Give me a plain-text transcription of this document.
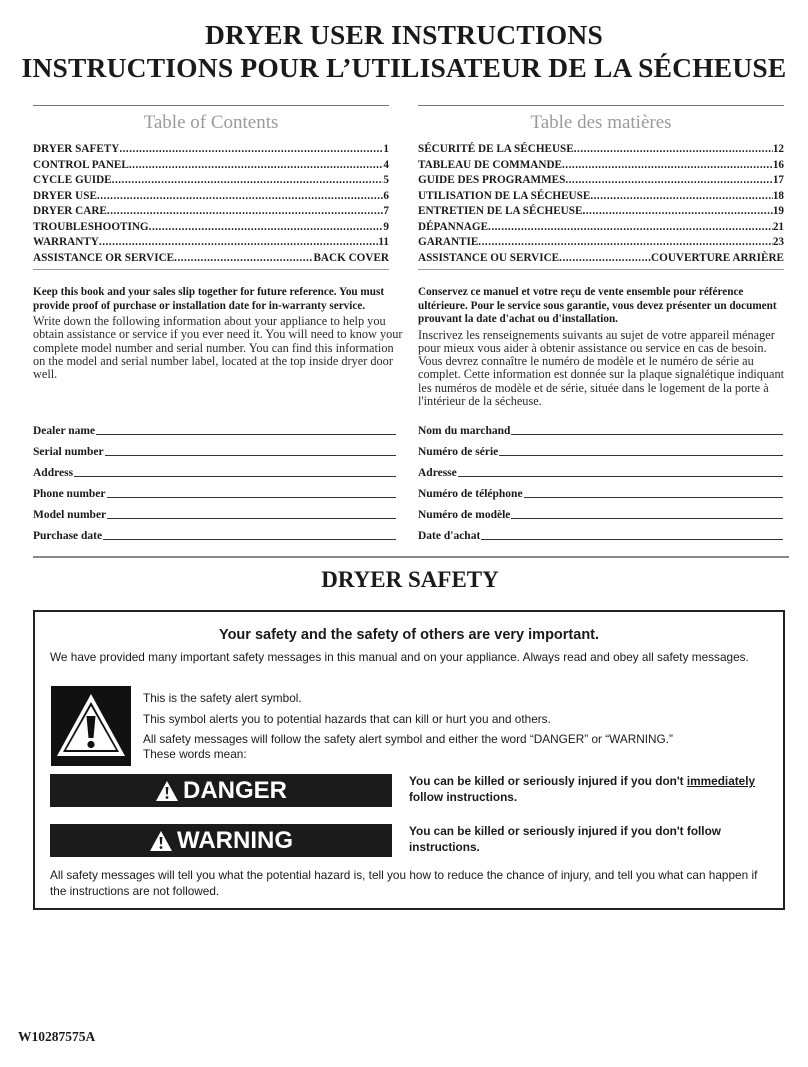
DRYER USER INSTRUCTIONS
INSTRUCTIONS POUR L’UTILISATEUR DE LA SÉCHEUSE
Table of Contents
DRYER SAFETY .....	1
CONTROL PANEL .....	4
CYCLE GUIDE .....	5
DRYER USE .....	6
DRYER CARE .....	7
TROUBLESHOOTING .....	9
WARRANTY .....	11
ASSISTANCE OR SERVICE .....	BACK COVER
Table des matières
SÉCURITÉ DE LA SÉCHEUSE .....	12
TABLEAU DE COMMANDE .....	16
GUIDE DES PROGRAMMES .....	17
UTILISATION DE LA SÉCHEUSE .....	18
ENTRETIEN DE LA SÉCHEUSE .....	19
DÉPANNAGE .....	21
GARANTIE .....	23
ASSISTANCE OU SERVICE .....	COUVERTURE ARRIÈRE

Keep this book and your sales slip together for future reference. You must provide proof of purchase or installation date for in-warranty service.

Write down the following information about your appliance to help you obtain assistance or service if you ever need it. You will need to know your complete model number and serial number. You can find this information on the model and serial number label, located at the top inside dryer door well.

Conservez ce manuel et votre reçu de vente ensemble pour référence ultérieure. Pour le service sous garantie, vous devez présenter un document prouvant la date d'achat ou d'installation.

Inscrivez les renseignements suivants au sujet de votre appareil ménager pour mieux vous aider à obtenir assistance ou service en cas de besoin. Vous devrez connaître le numéro de modèle et le numéro de série au complet. Cette information est donnée sur la plaque signalétique indiquant les numéros de modèle et de série, située dans le logement de la porte à l'intérieur de la sécheuse.

Dealer name
Serial number
Address
Phone number
Model number
Purchase date
Nom du marchand
Numéro de série
Adresse
Numéro de téléphone
Numéro de modèle
Date d'achat
DRYER SAFETY
Your safety and the safety of others are very important.
We have provided many important safety messages in this manual and on your appliance. Always read and obey all safety messages.
This is the safety alert symbol.
This symbol alerts you to potential hazards that can kill or hurt you and others.
All safety messages will follow the safety alert symbol and either the word “DANGER” or “WARNING.”
These words mean:
DANGER	You can be killed or seriously injured if you don't immediately
follow instructions.
WARNING	You can be killed or seriously injured if you don't follow
instructions.
All safety messages will tell you what the potential hazard is, tell you how to reduce the chance of injury, and tell you what can happen if the instructions are not followed.
W10287575A
